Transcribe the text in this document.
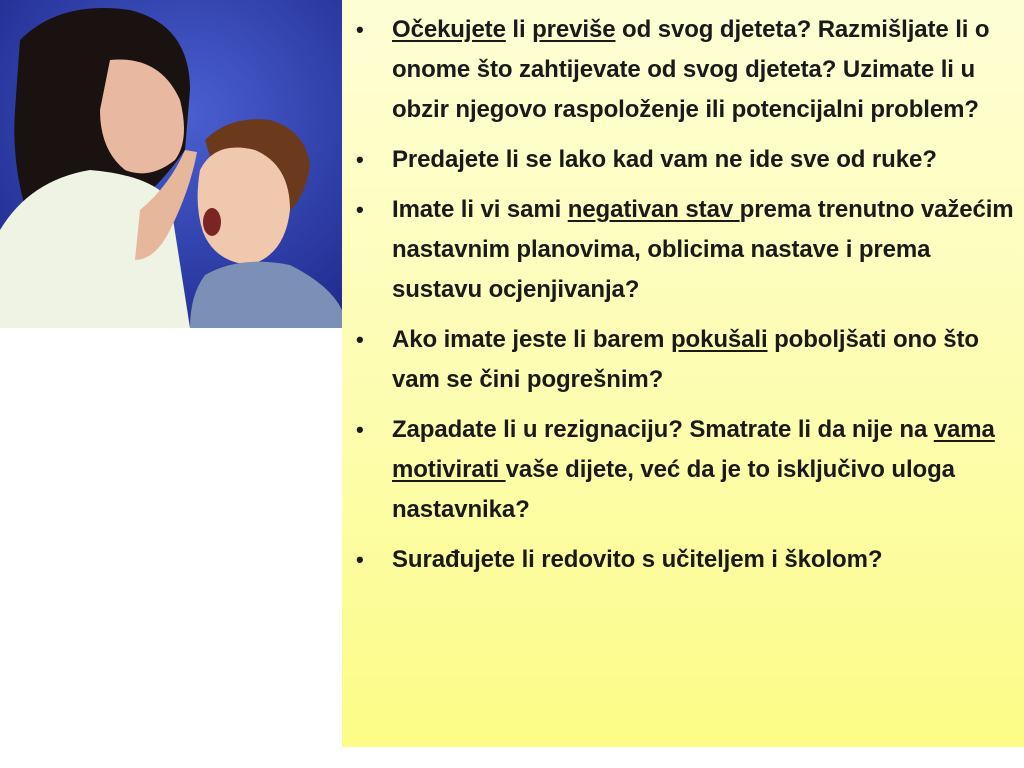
• Očekujete li previše od svog djeteta? Razmišljate li o onome što zahtijevate od svog djeteta? Uzimate li u obzir njegovo raspoloženje ili potencijalni problem?
• Predajete li se lako kad vam ne ide sve od ruke?
• Imate li vi sami negativan stav prema trenutno važećim nastavnim planovima, oblicima nastave i prema sustavu ocjenjivanja?
• Ako imate jeste li barem pokušali poboljšati ono što vam se čini pogrešnim?
• Zapadate li u rezignaciju? Smatrate li da nije na vama motivirati vaše dijete, već da je to isključivo uloga nastavnika?
• Surađujete li redovito s učiteljem i školom?
